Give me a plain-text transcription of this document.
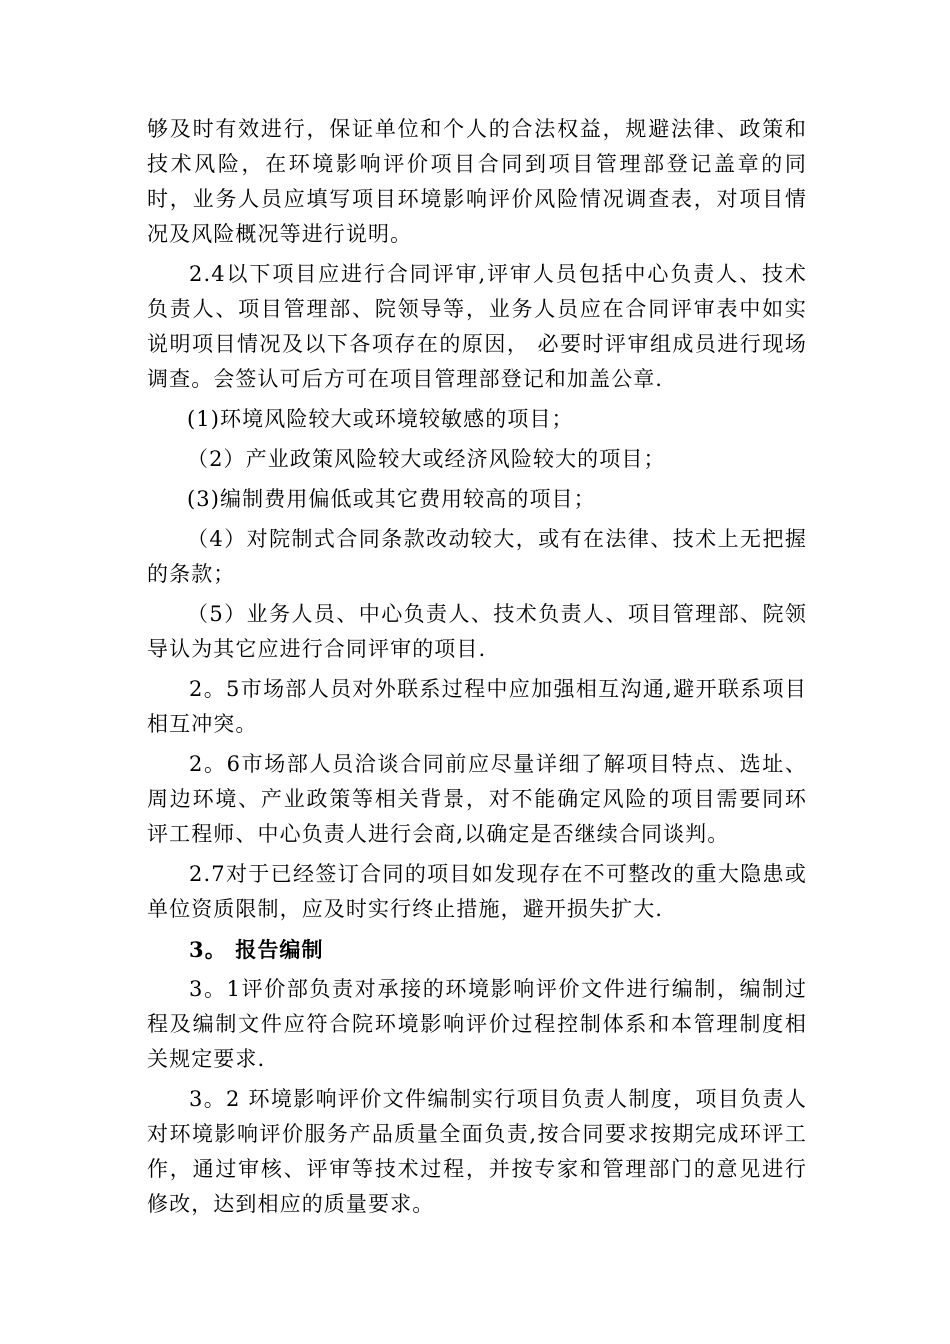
够及时有效进行，保证单位和个人的合法权益，规避法律、政策和技术风险，在环境影响评价项目合同到项目管理部登记盖章的同时，业务人员应填写项目环境影响评价风险情况调查表，对项目情况及风险概况等进行说明。

2.4以下项目应进行合同评审,评审人员包括中心负责人、技术负责人、项目管理部、院领导等，业务人员应在合同评审表中如实说明项目情况及以下各项存在的原因， 必要时评审组成员进行现场调查。会签认可后方可在项目管理部登记和加盖公章.

(1)环境风险较大或环境较敏感的项目；

（2）产业政策风险较大或经济风险较大的项目；

(3)编制费用偏低或其它费用较高的项目；

（4）对院制式合同条款改动较大，或有在法律、技术上无把握的条款；

（5）业务人员、中心负责人、技术负责人、项目管理部、院领导认为其它应进行合同评审的项目.

2。5市场部人员对外联系过程中应加强相互沟通,避开联系项目相互冲突。

2。6市场部人员洽谈合同前应尽量详细了解项目特点、选址、周边环境、产业政策等相关背景，对不能确定风险的项目需要同环评工程师、中心负责人进行会商,以确定是否继续合同谈判。

2.7对于已经签订合同的项目如发现存在不可整改的重大隐患或单位资质限制，应及时实行终止措施，避开损失扩大.

3。 报告编制

3。1评价部负责对承接的环境影响评价文件进行编制，编制过程及编制文件应符合院环境影响评价过程控制体系和本管理制度相关规定要求.

3。2 环境影响评价文件编制实行项目负责人制度，项目负责人对环境影响评价服务产品质量全面负责,按合同要求按期完成环评工作，通过审核、评审等技术过程，并按专家和管理部门的意见进行修改，达到相应的质量要求。
